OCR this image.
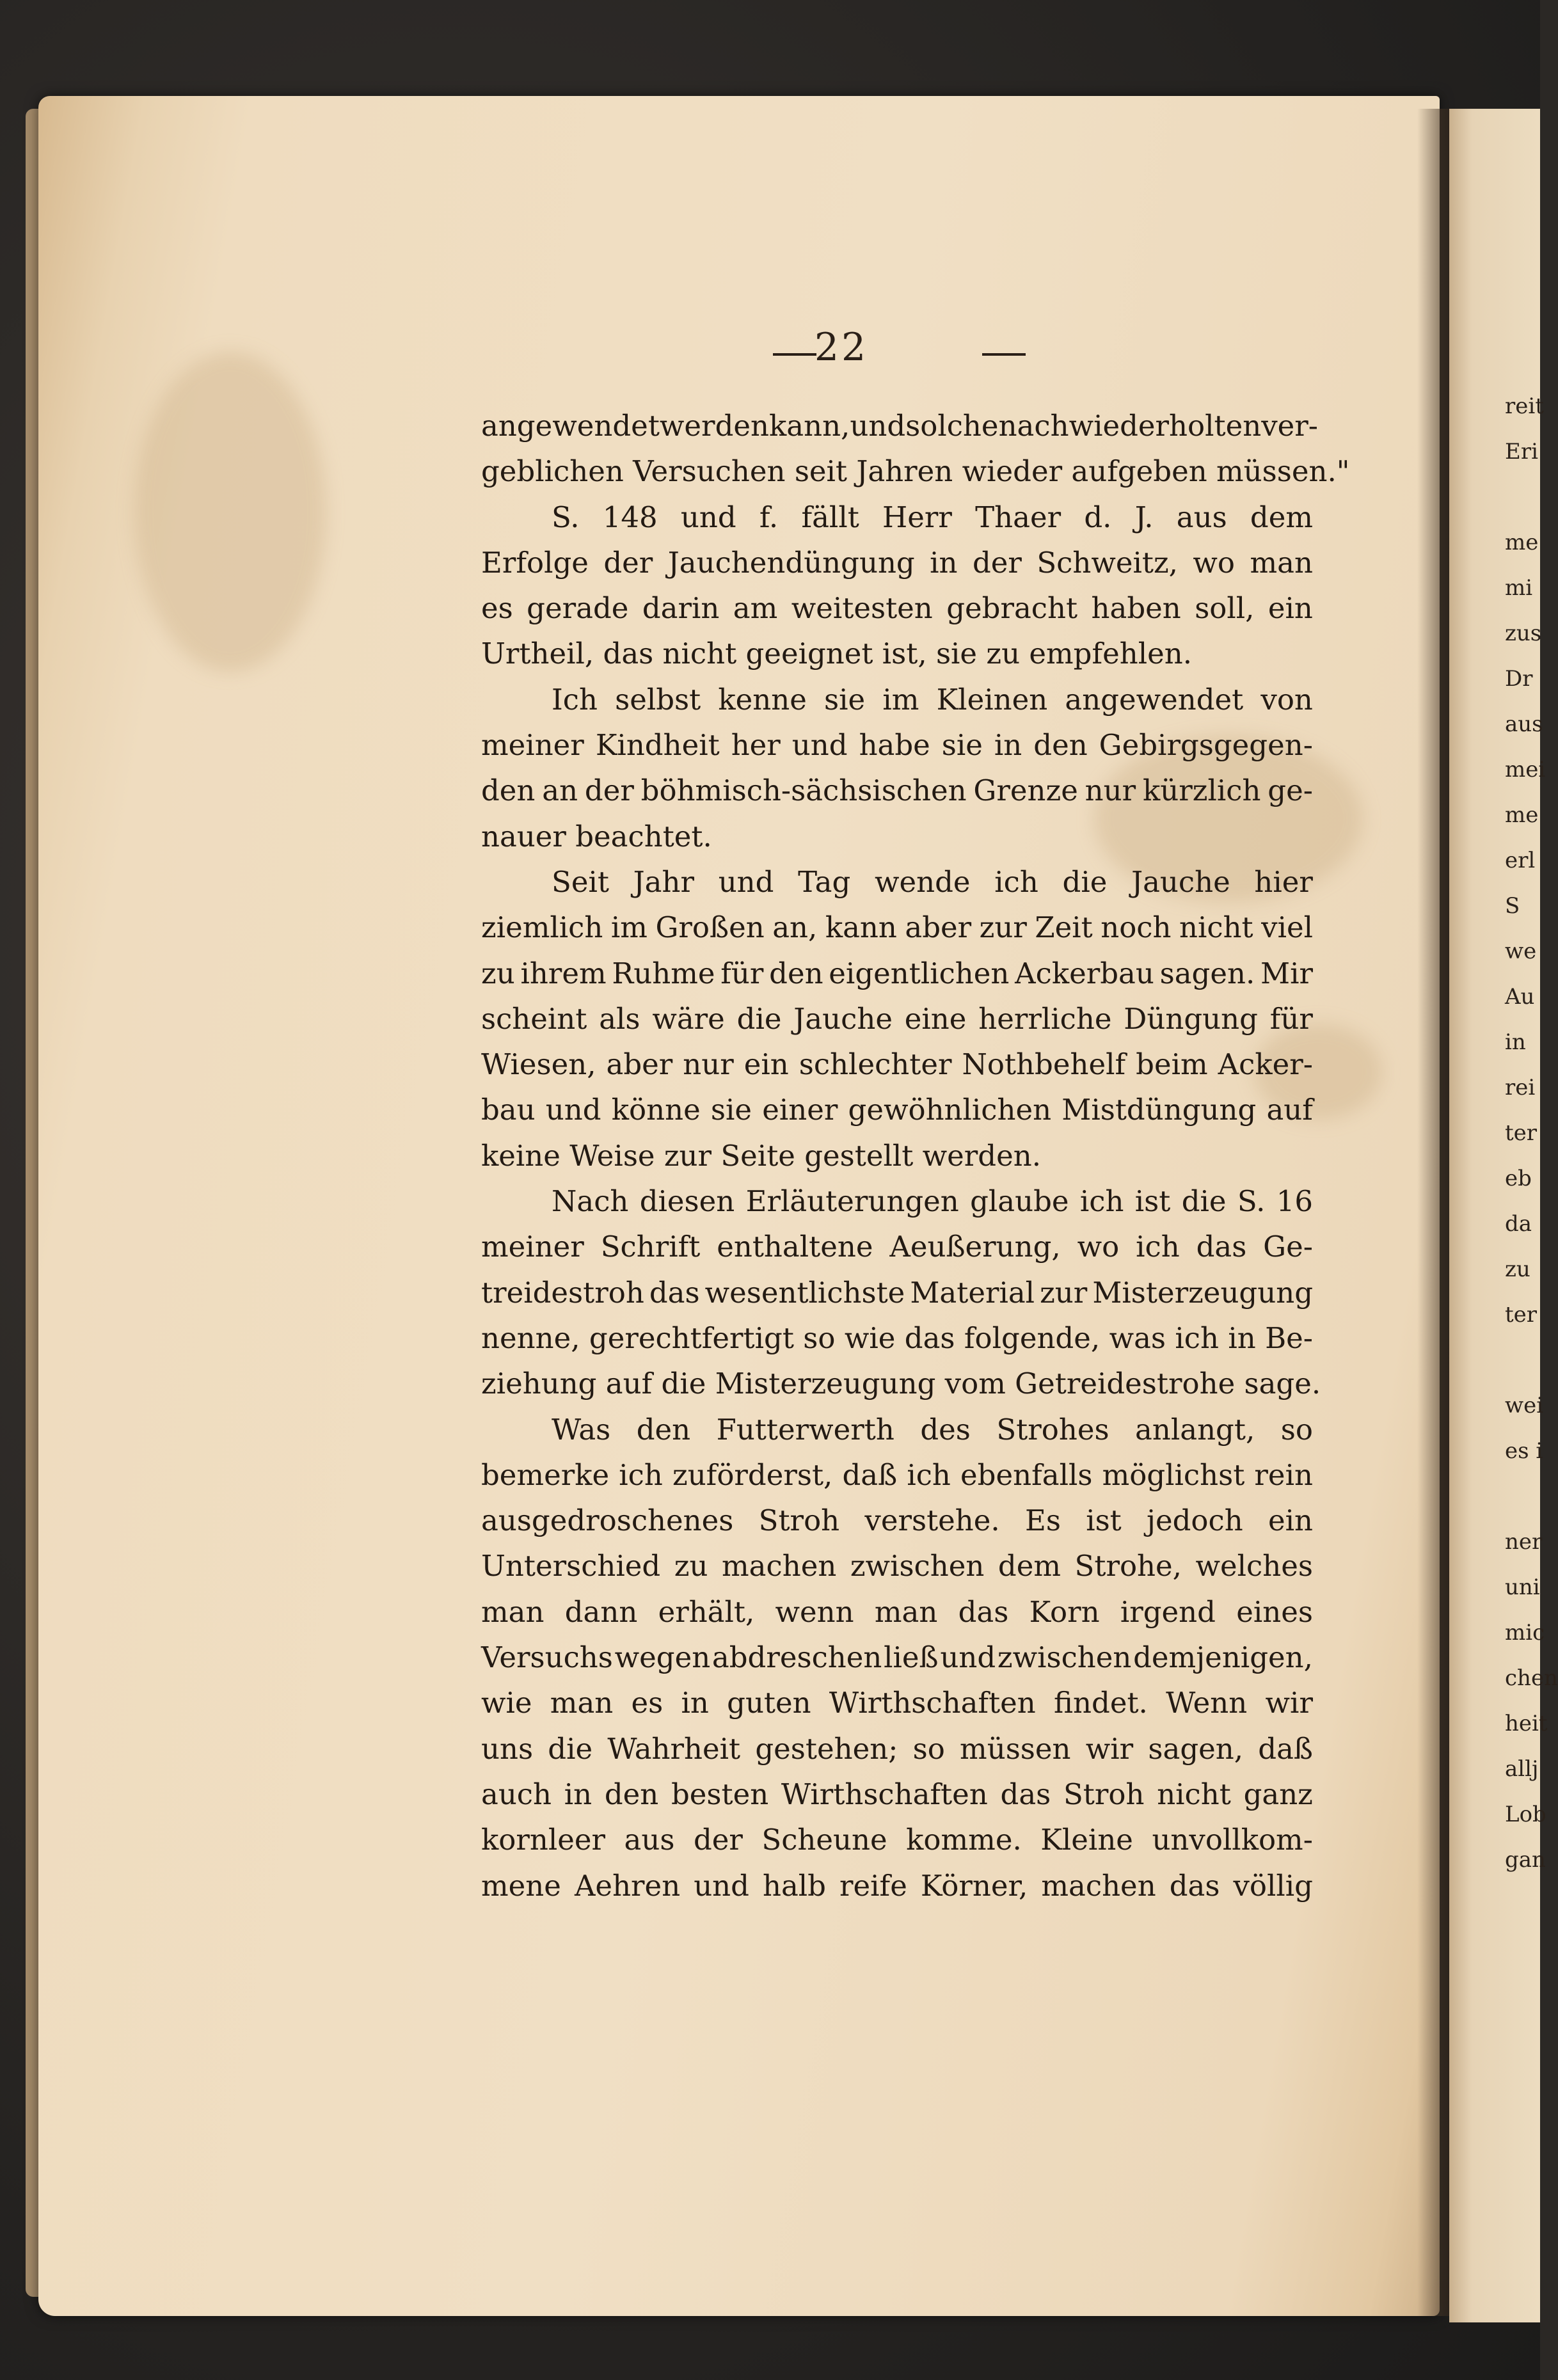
reit
Eri
me
mi
zus
Dr
aus
mei
me
erl
S
we
Au
in
rei
ter
eb
da
zu
ter
wei
es i
ner
uni
mic
chen
heit
allj
Lob
gan
22
angewendet werden kann, und solche nach wiederholten ver-
geblichen Versuchen seit Jahren wieder aufgeben müssen."
S. 148 und f. fällt Herr Thaer d. J. aus dem
Erfolge der Jauchendüngung in der Schweitz, wo man
es gerade darin am weitesten gebracht haben soll, ein
Urtheil, das nicht geeignet ist, sie zu empfehlen.
Ich selbst kenne sie im Kleinen angewendet von
meiner Kindheit her und habe sie in den Gebirgsgegen-
den an der böhmisch-sächsischen Grenze nur kürzlich ge-
nauer beachtet.
Seit Jahr und Tag wende ich die Jauche hier
ziemlich im Großen an, kann aber zur Zeit noch nicht viel
zu ihrem Ruhme für den eigentlichen Ackerbau sagen. Mir
scheint als wäre die Jauche eine herrliche Düngung für
Wiesen, aber nur ein schlechter Nothbehelf beim Acker-
bau und könne sie einer gewöhnlichen Mistdüngung auf
keine Weise zur Seite gestellt werden.
Nach diesen Erläuterungen glaube ich ist die S. 16
meiner Schrift enthaltene Aeußerung, wo ich das Ge-
treidestroh das wesentlichste Material zur Misterzeugung
nenne, gerechtfertigt so wie das folgende, was ich in Be-
ziehung auf die Misterzeugung vom Getreidestrohe sage.
Was den Futterwerth des Strohes anlangt, so
bemerke ich zuförderst, daß ich ebenfalls möglichst rein
ausgedroschenes Stroh verstehe. Es ist jedoch ein
Unterschied zu machen zwischen dem Strohe, welches
man dann erhält, wenn man das Korn irgend eines
Versuchs wegen abdreschen ließ und zwischen demjenigen,
wie man es in guten Wirthschaften findet. Wenn wir
uns die Wahrheit gestehen; so müssen wir sagen, daß
auch in den besten Wirthschaften das Stroh nicht ganz
kornleer aus der Scheune komme. Kleine unvollkom-
mene Aehren und halb reife Körner, machen das völlig
